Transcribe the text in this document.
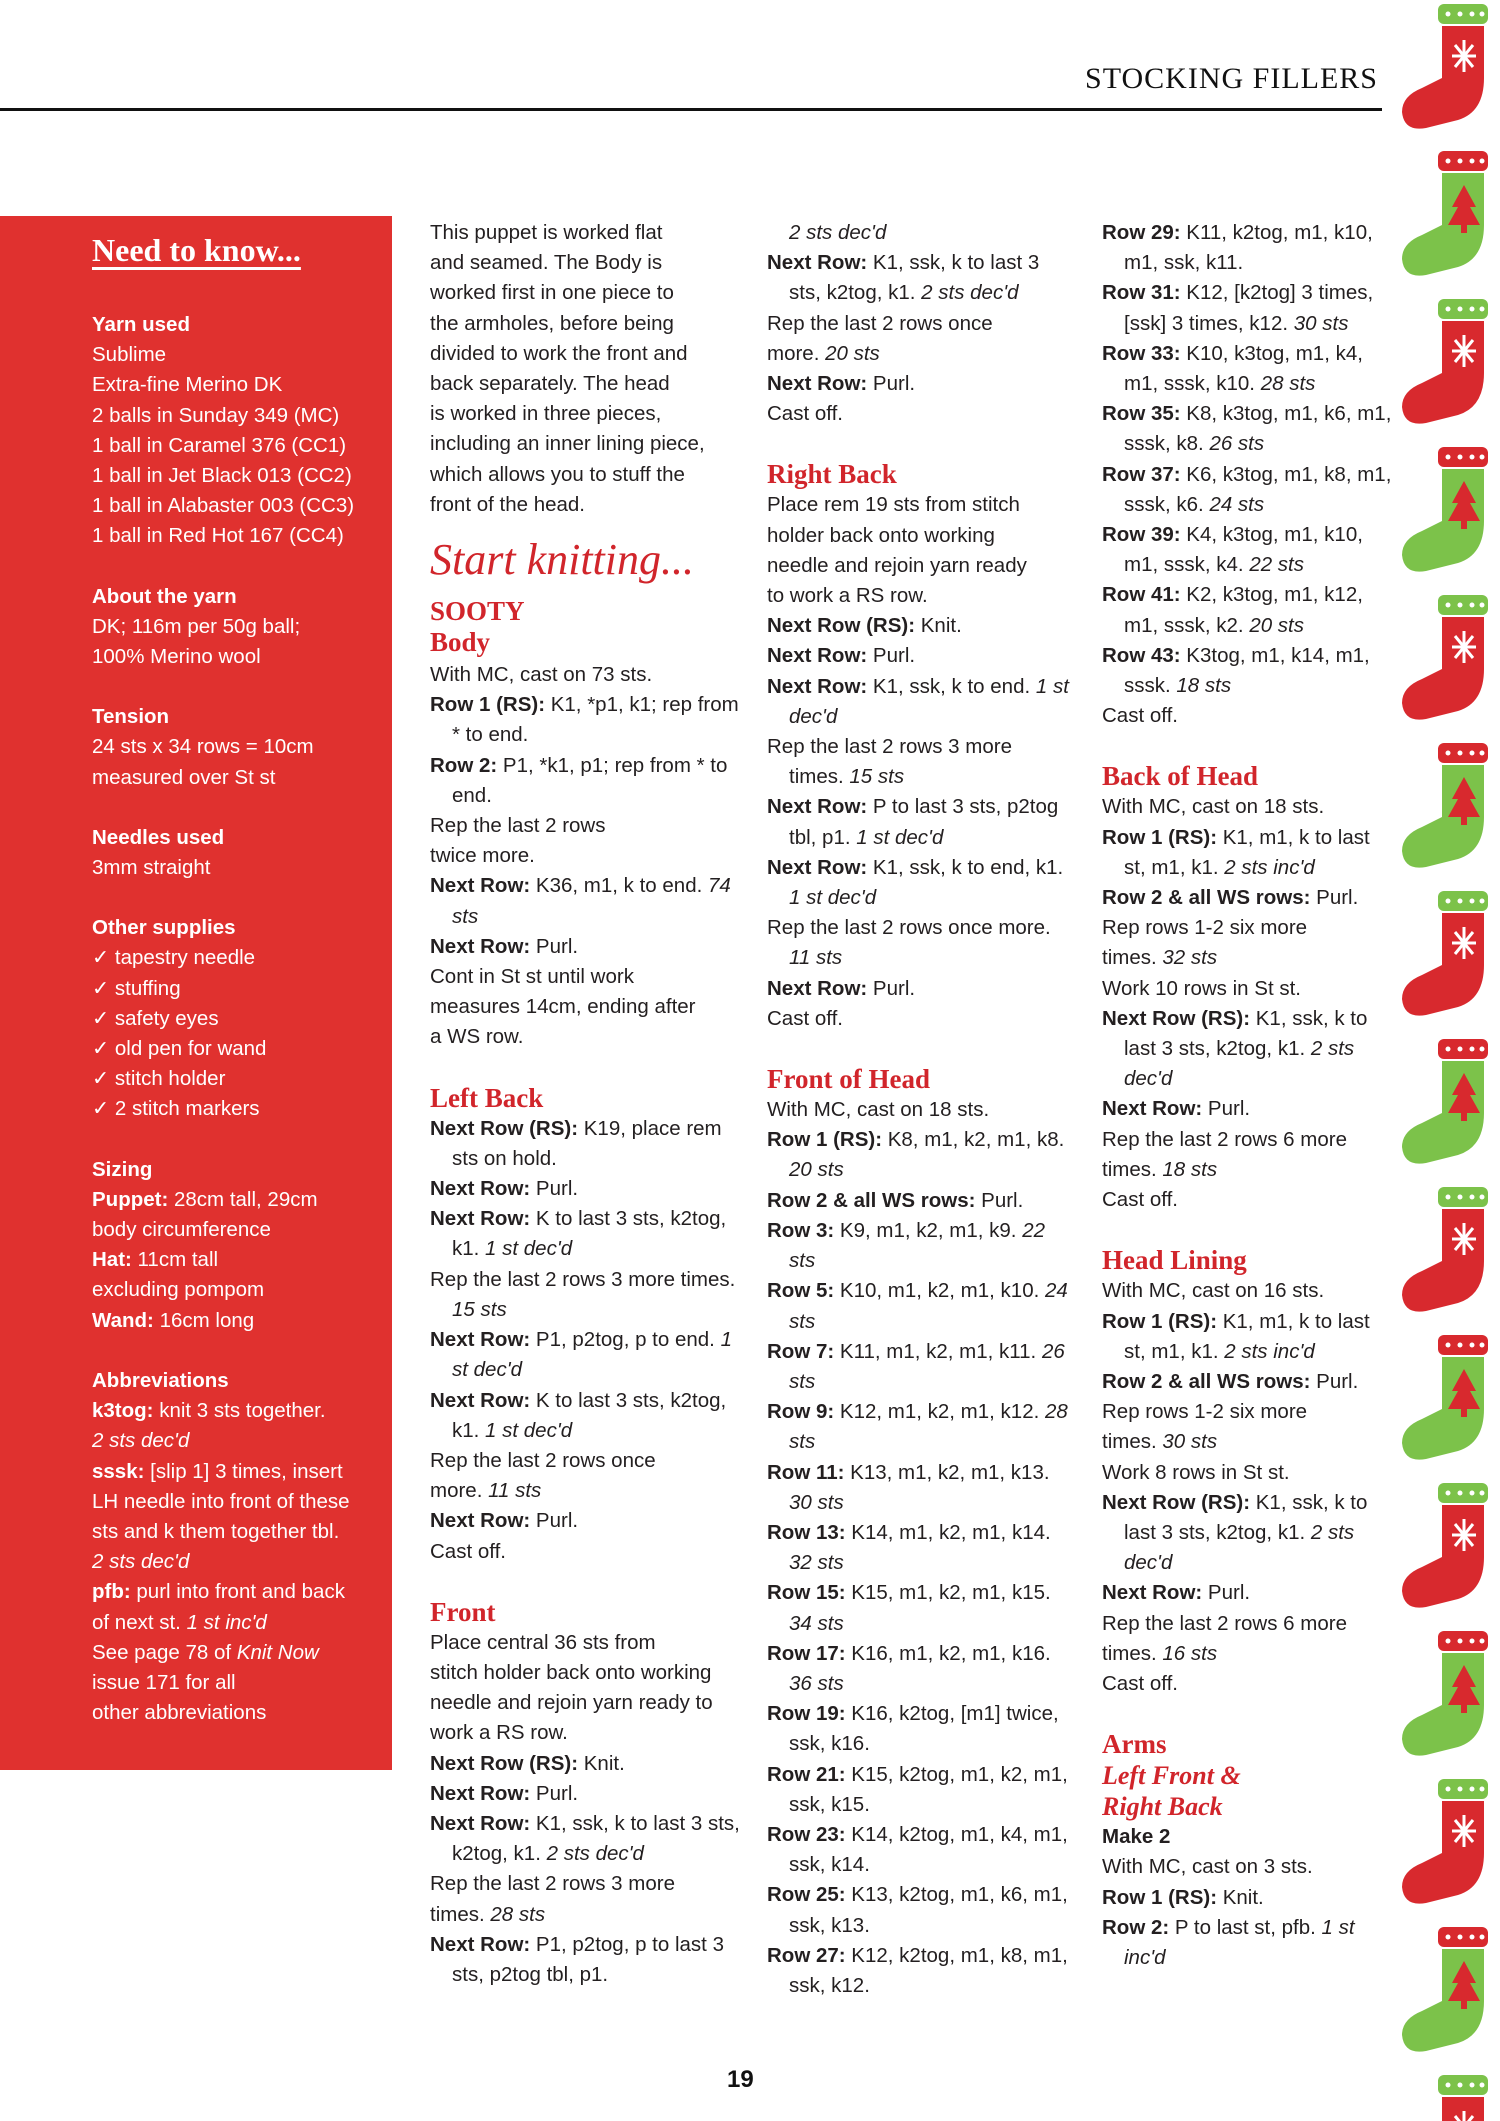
STOCKING FILLERS
Need to know...
Yarn used
Sublime
Extra-fine Merino DK
2 balls in Sunday 349 (MC)
1 ball in Caramel 376 (CC1)
1 ball in Jet Black 013 (CC2)
1 ball in Alabaster 003 (CC3)
1 ball in Red Hot 167 (CC4)
About the yarn
DK; 116m per 50g ball;
100% Merino wool
Tension
24 sts x 34 rows = 10cm
measured over St st
Needles used
3mm straight
Other supplies
✓ tapestry needle
✓ stuffing
✓ safety eyes
✓ old pen for wand
✓ stitch holder
✓ 2 stitch markers
Sizing
Puppet: 28cm tall, 29cm
body circumference
Hat: 11cm tall
excluding pompom
Wand: 16cm long
Abbreviations
k3tog: knit 3 sts together.
2 sts dec'd
sssk: [slip 1] 3 times, insert
LH needle into front of these
sts and k them together tbl.
2 sts dec'd
pfb: purl into front and back
of next st. 1 st inc'd
See page 78 of Knit Now
issue 171 for all
other abbreviations

This puppet is worked flat

and seamed. The Body is

worked first in one piece to

the armholes, before being

divided to work the front and

back separately. The head

is worked in three pieces,

including an inner lining piece,

which allows you to stuff the

front of the head.

Start knitting...

SOOTY

Body

With MC, cast on 73 sts.

Row 1 (RS): K1, *p1, k1; rep from * to end.

Row 2: P1, *k1, p1; rep from * to end.

Rep the last 2 rows

twice more.

Next Row: K36, m1, k to end. 74 sts

Next Row: Purl.

Cont in St st until work

measures 14cm, ending after

a WS row.

Left Back

Next Row (RS): K19, place rem sts on hold.

Next Row: Purl.

Next Row: K to last 3 sts, k2tog, k1. 1 st dec'd

Rep the last 2 rows 3 more times. 15 sts

Next Row: P1, p2tog, p to end. 1 st dec'd

Next Row: K to last 3 sts, k2tog, k1. 1 st dec'd

Rep the last 2 rows once

more. 11 sts

Next Row: Purl.

Cast off.

Front

Place central 36 sts from

stitch holder back onto working

needle and rejoin yarn ready to

work a RS row.

Next Row (RS): Knit.

Next Row: Purl.

Next Row: K1, ssk, k to last 3 sts, k2tog, k1. 2 sts dec'd

Rep the last 2 rows 3 more

times. 28 sts

Next Row: P1, p2tog, p to last 3 sts, p2tog tbl, p1.

2 sts dec'd

Next Row: K1, ssk, k to last 3 sts, k2tog, k1. 2 sts dec'd

Rep the last 2 rows once

more. 20 sts

Next Row: Purl.

Cast off.

Right Back

Place rem 19 sts from stitch

holder back onto working

needle and rejoin yarn ready

to work a RS row.

Next Row (RS): Knit.

Next Row: Purl.

Next Row: K1, ssk, k to end. 1 st dec'd

Rep the last 2 rows 3 more times. 15 sts

Next Row: P to last 3 sts, p2tog tbl, p1. 1 st dec'd

Next Row: K1, ssk, k to end, k1. 1 st dec'd

Rep the last 2 rows once more. 11 sts

Next Row: Purl.

Cast off.

Front of Head

With MC, cast on 18 sts.

Row 1 (RS): K8, m1, k2, m1, k8. 20 sts

Row 2 & all WS rows: Purl.

Row 3: K9, m1, k2, m1, k9. 22 sts

Row 5: K10, m1, k2, m1, k10. 24 sts

Row 7: K11, m1, k2, m1, k11. 26 sts

Row 9: K12, m1, k2, m1, k12. 28 sts

Row 11: K13, m1, k2, m1, k13. 30 sts

Row 13: K14, m1, k2, m1, k14. 32 sts

Row 15: K15, m1, k2, m1, k15. 34 sts

Row 17: K16, m1, k2, m1, k16. 36 sts

Row 19: K16, k2tog, [m1] twice, ssk, k16.

Row 21: K15, k2tog, m1, k2, m1, ssk, k15.

Row 23: K14, k2tog, m1, k4, m1, ssk, k14.

Row 25: K13, k2tog, m1, k6, m1, ssk, k13.

Row 27: K12, k2tog, m1, k8, m1, ssk, k12.

Row 29: K11, k2tog, m1, k10, m1, ssk, k11.

Row 31: K12, [k2tog] 3 times, [ssk] 3 times, k12. 30 sts

Row 33: K10, k3tog, m1, k4, m1, sssk, k10. 28 sts

Row 35: K8, k3tog, m1, k6, m1, sssk, k8. 26 sts

Row 37: K6, k3tog, m1, k8, m1, sssk, k6. 24 sts

Row 39: K4, k3tog, m1, k10, m1, sssk, k4. 22 sts

Row 41: K2, k3tog, m1, k12, m1, sssk, k2. 20 sts

Row 43: K3tog, m1, k14, m1, sssk. 18 sts

Cast off.

Back of Head

With MC, cast on 18 sts.

Row 1 (RS): K1, m1, k to last st, m1, k1. 2 sts inc'd

Row 2 & all WS rows: Purl.

Rep rows 1-2 six more

times. 32 sts

Work 10 rows in St st.

Next Row (RS): K1, ssk, k to last 3 sts, k2tog, k1. 2 sts dec'd

Next Row: Purl.

Rep the last 2 rows 6 more

times. 18 sts

Cast off.

Head Lining

With MC, cast on 16 sts.

Row 1 (RS): K1, m1, k to last st, m1, k1. 2 sts inc'd

Row 2 & all WS rows: Purl.

Rep rows 1-2 six more

times. 30 sts

Work 8 rows in St st.

Next Row (RS): K1, ssk, k to last 3 sts, k2tog, k1. 2 sts dec'd

Next Row: Purl.

Rep the last 2 rows 6 more

times. 16 sts

Cast off.

Arms

Left Front &

Right Back

Make 2

With MC, cast on 3 sts.

Row 1 (RS): Knit.

Row 2: P to last st, pfb. 1 st inc'd

19
